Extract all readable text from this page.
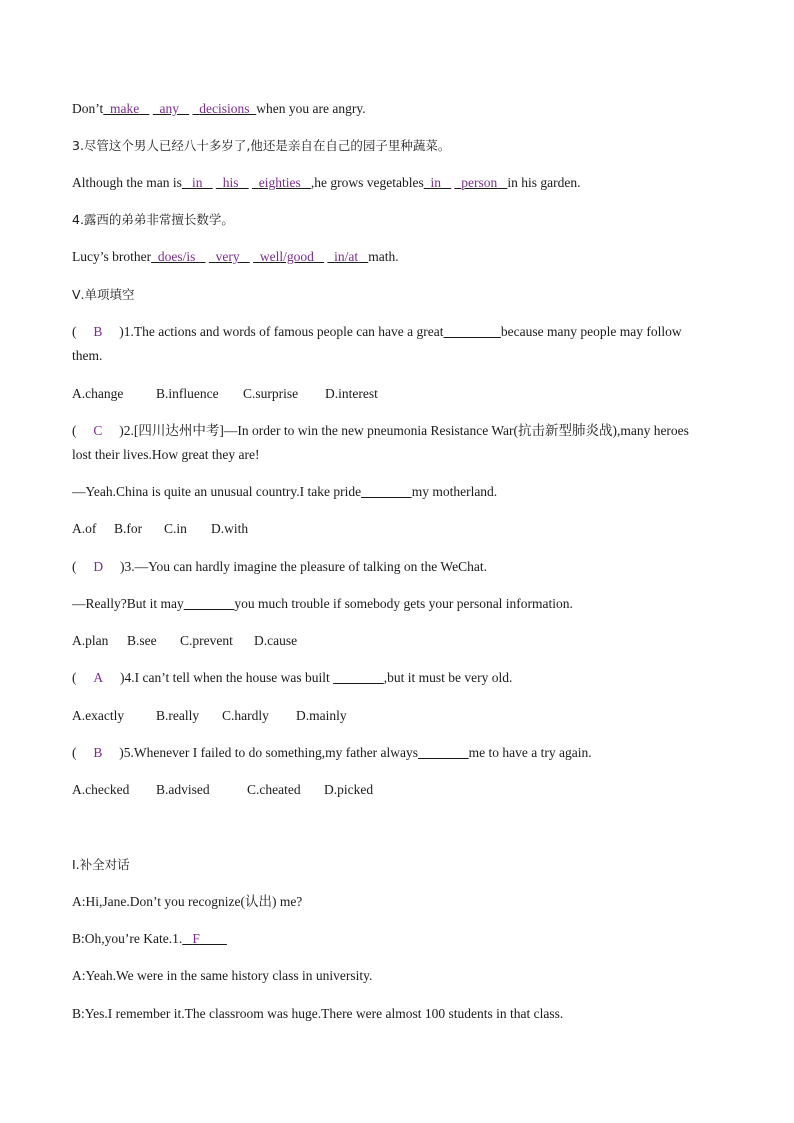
Don’t make any decisions when you are angry.
3.尽管这个男人已经八十多岁了,他还是亲自在自己的园子里种蔬菜。
Although the man is in his eighties ,he grows vegetables in person in his garden.
4.露西的弟弟非常擅长数学。
Lucy’s brother does/is very well/good in/at math.
Ⅴ.单项填空
(     B )1.The actions and words of famous people can have a great	because many people may follow
them.
A.change B.influence C.surprise D.interest
(     C )2.[四川达州中考]—In order to win the new pneumonia Resistance War(抗击新型肺炎战),many heroes
lost their lives.How great they are!
—Yeah.China is quite an unusual country.I take pride	my motherland.
A.of B.for C.in D.with
(     D )3.—You can hardly imagine the pleasure of talking on the WeChat.
—Really?But it may	you much trouble if somebody gets your personal information.
A.plan B.see C.prevent D.cause
(     A )4.I can’t tell when the house was built	,but it must be very old.
A.exactly B.really C.hardly D.mainly
(     B )5.Whenever I failed to do something,my father always	me to have a try again.
A.checked B.advised	C.cheated D.picked
Ⅰ.补全对话
A:Hi,Jane.Don’t you recognize(认出) me?
B:Oh,you’re Kate.1. F
A:Yeah.We were in the same history class in university.
B:Yes.I remember it.The classroom was huge.There were almost 100 students in that class.
